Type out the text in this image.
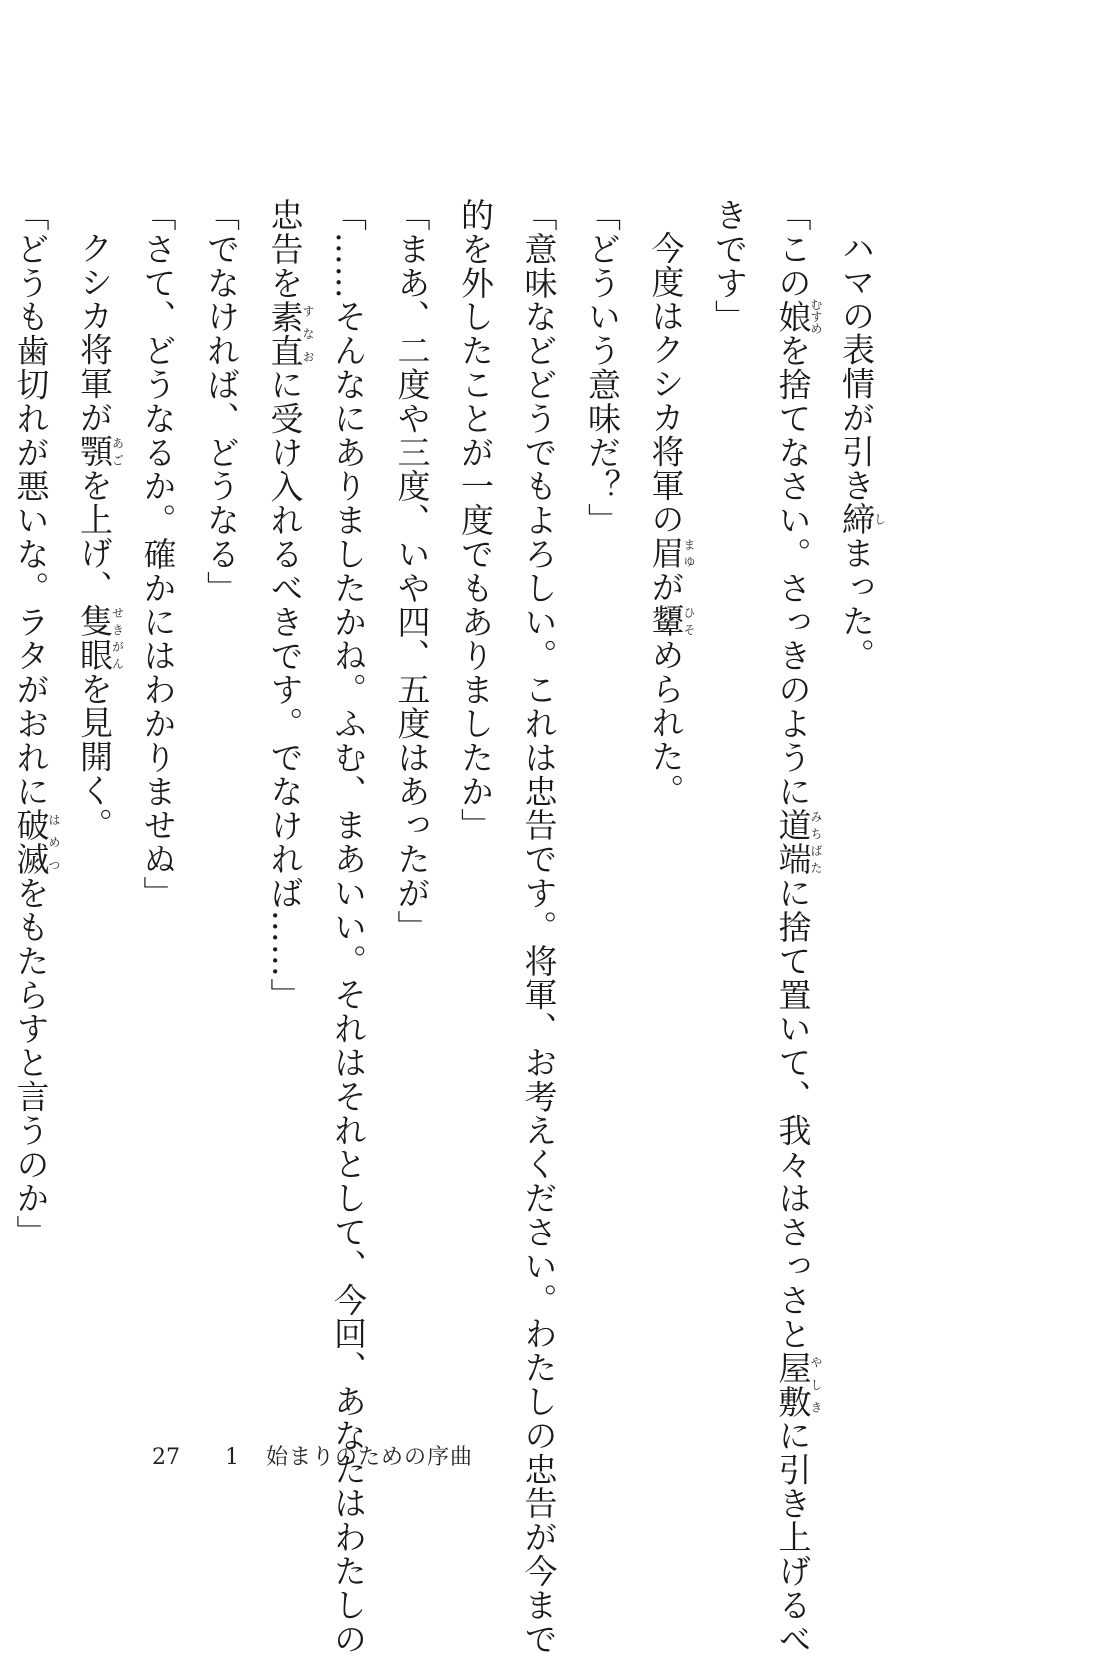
ハマの表情が引き締しまった。
「この娘むすめを捨てなさい。さっきのように道端みちばたに捨て置いて、我々はさっさと屋敷やしきに引き上げるべ
きです」
今度はクシカ将軍の眉まゆが顰ひそめられた。
「どういう意味だ？」
「意味などどうでもよろしい。これは忠告です。将軍、お考えください。わたしの忠告が今まで
的を外したことが一度でもありましたか」
「まあ、二度や三度、いや四、五度はあったが」
「……そんなにありましたかね。ふむ、まあいい。それはそれとして、今回、あなたはわたしの
忠告を素直すなおに受け入れるべきです。でなければ……」
「でなければ、どうなる」
「さて、どうなるか。確かにはわかりませぬ」
クシカ将軍が顎あごを上げ、隻眼せきがんを見開く。
「どうも歯切れが悪いな。ラタがおれに破滅はめつをもたらすと言うのか」
27 1 始まりのための序曲
